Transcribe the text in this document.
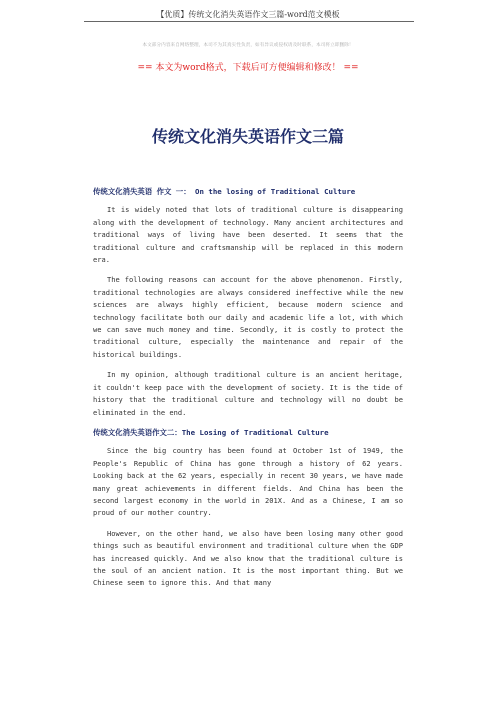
【优质】传统文化消失英语作文三篇-word范文模板
本文部分内容来自网络整理，本司不为其真实性负责，如有异议或侵权请及时联系，本司将立即删除！
== 本文为word格式，下载后可方便编辑和修改！ ==
传统文化消失英语作文三篇
传统文化消失英语 作文 一： On the losing of Traditional Culture

It is widely noted that lots of traditional culture is disappearing along with the development of technology. Many ancient architectures and traditional ways of living have been deserted. It seems that the traditional culture and craftsmanship will be replaced in this modern era.

The following reasons can account for the above phenomenon. Firstly, traditional technologies are always considered ineffective while the new sciences are always highly efficient, because modern science and technology facilitate both our daily and academic life a lot, with which we can save much money and time. Secondly, it is costly to protect the traditional culture, especially the maintenance and repair of the historical buildings.

In my opinion, although traditional culture is an ancient heritage, it couldn't keep pace with the development of society. It is the tide of history that the traditional culture and technology will no doubt be eliminated in the end.

传统文化消失英语作文二：The Losing of Traditional Culture

Since the big country has been found at October 1st of 1949, the People's Republic of China has gone through a history of 62 years. Looking back at the 62 years, especially in recent 30 years, we have made many great achievements in different fields. And China has been the second largest economy in the world in 201X. And as a Chinese, I am so proud of our mother country.

However, on the other hand, we also have been losing many other good things such as beautiful environment and traditional culture when the GDP has increased quickly. And we also know that the traditional culture is the soul of an ancient nation. It is the most important thing. But we Chinese seem to ignore this. And that many
